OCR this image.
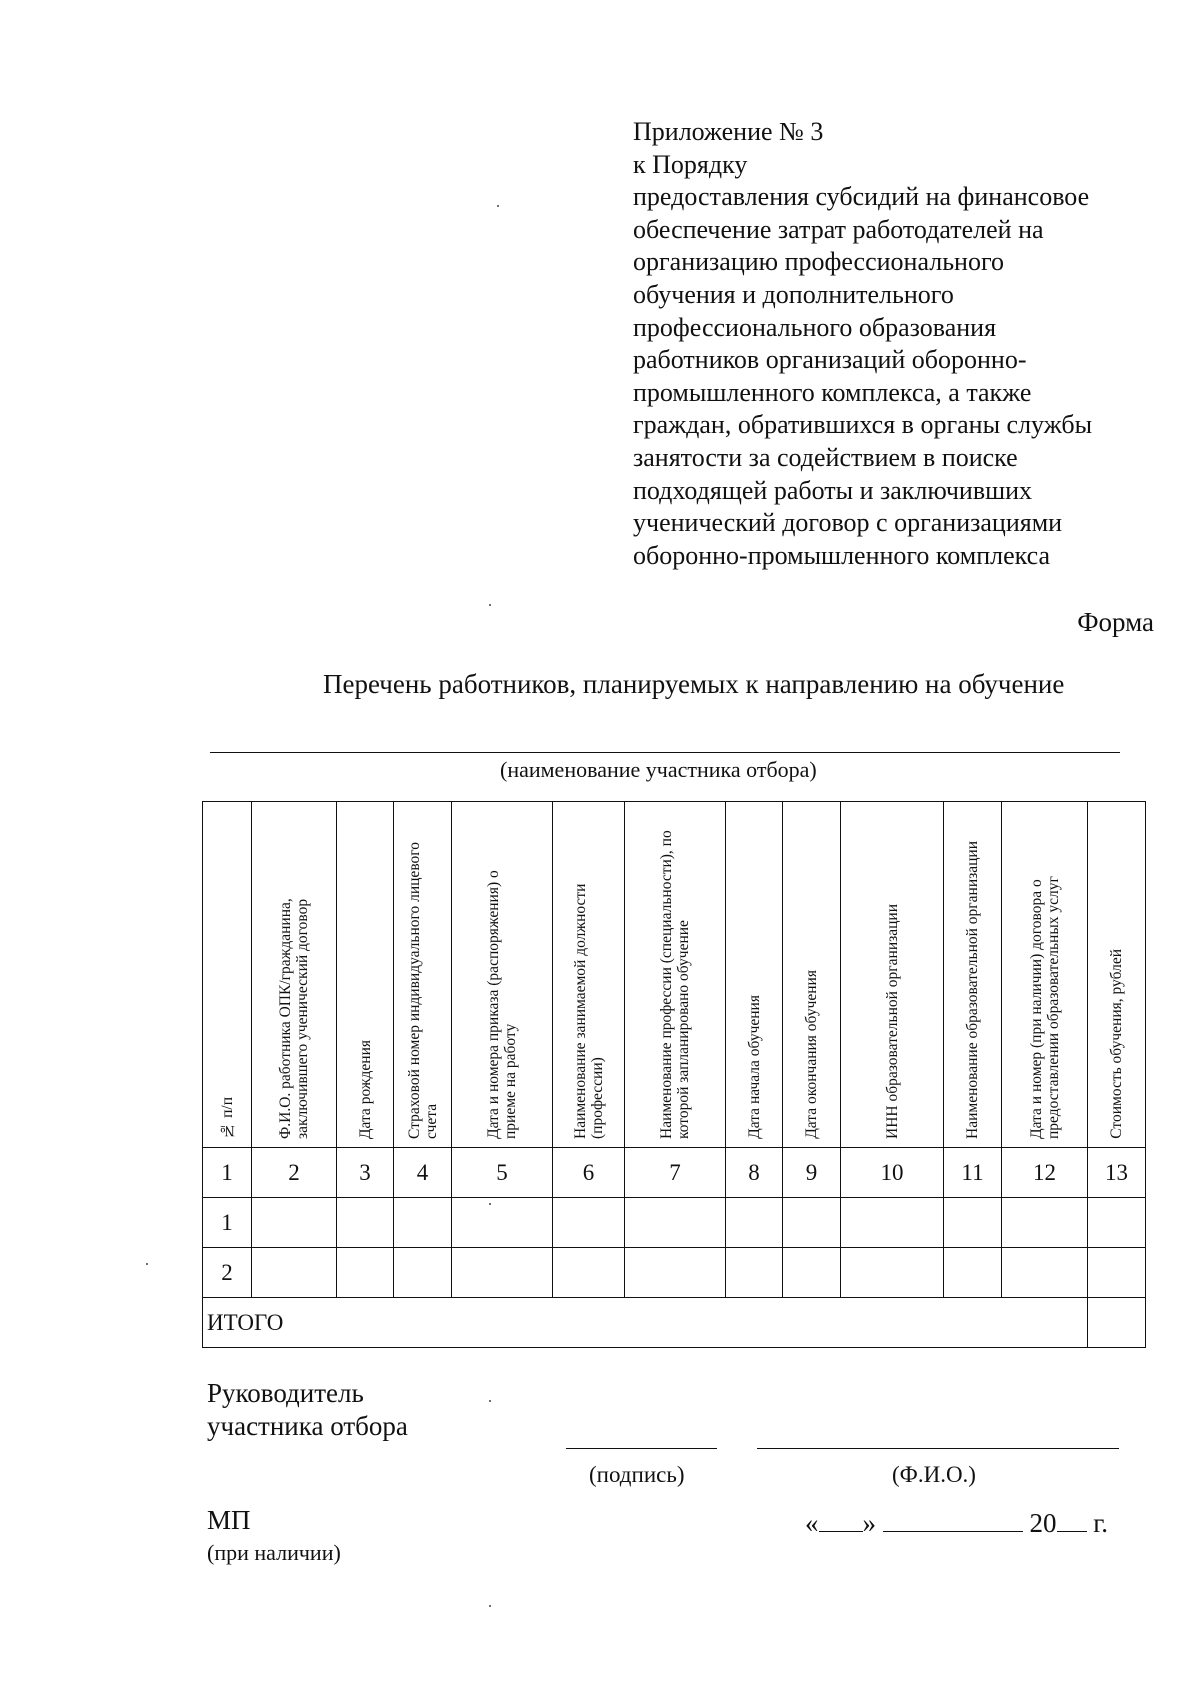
Приложение № 3
к Порядку
предоставления субсидий на финансовое
обеспечение затрат работодателей на
организацию профессионального
обучения и дополнительного
профессионального образования
работников организаций оборонно-
промышленного комплекса, а также
граждан, обратившихся в органы службы
занятости за содействием в поиске
подходящей работы и заключивших
ученический договор с организациями
оборонно-промышленного комплекса
Форма
Перечень работников, планируемых к направлению на обучение
(наименование участника отбора)
№ п/п	Ф.И.О. работника ОПК/гражданина, заключившего ученический договор	Дата рождения	Страховой номер индивидуального лицевого счета	Дата и номера приказа (распоряжения) о приеме на работу	Наименование занимаемой должности (профессии)	Наименование профессии (специальности), по которой запланировано обучение	Дата начала обучения	Дата окончания обучения	ИНН образовательной организации	Наименование образовательной организации	Дата и номер (при наличии) договора о предоставлении образовательных услуг	Стоимость обучения, рублей

1	2	3	4	5	6	7	8	9	10	11	12	13
1												
2												
ИТОГО												
Руководитель
участника отбора
(подпись)	(Ф.И.О.)
МП
(при наличии)
« »	20 г.
